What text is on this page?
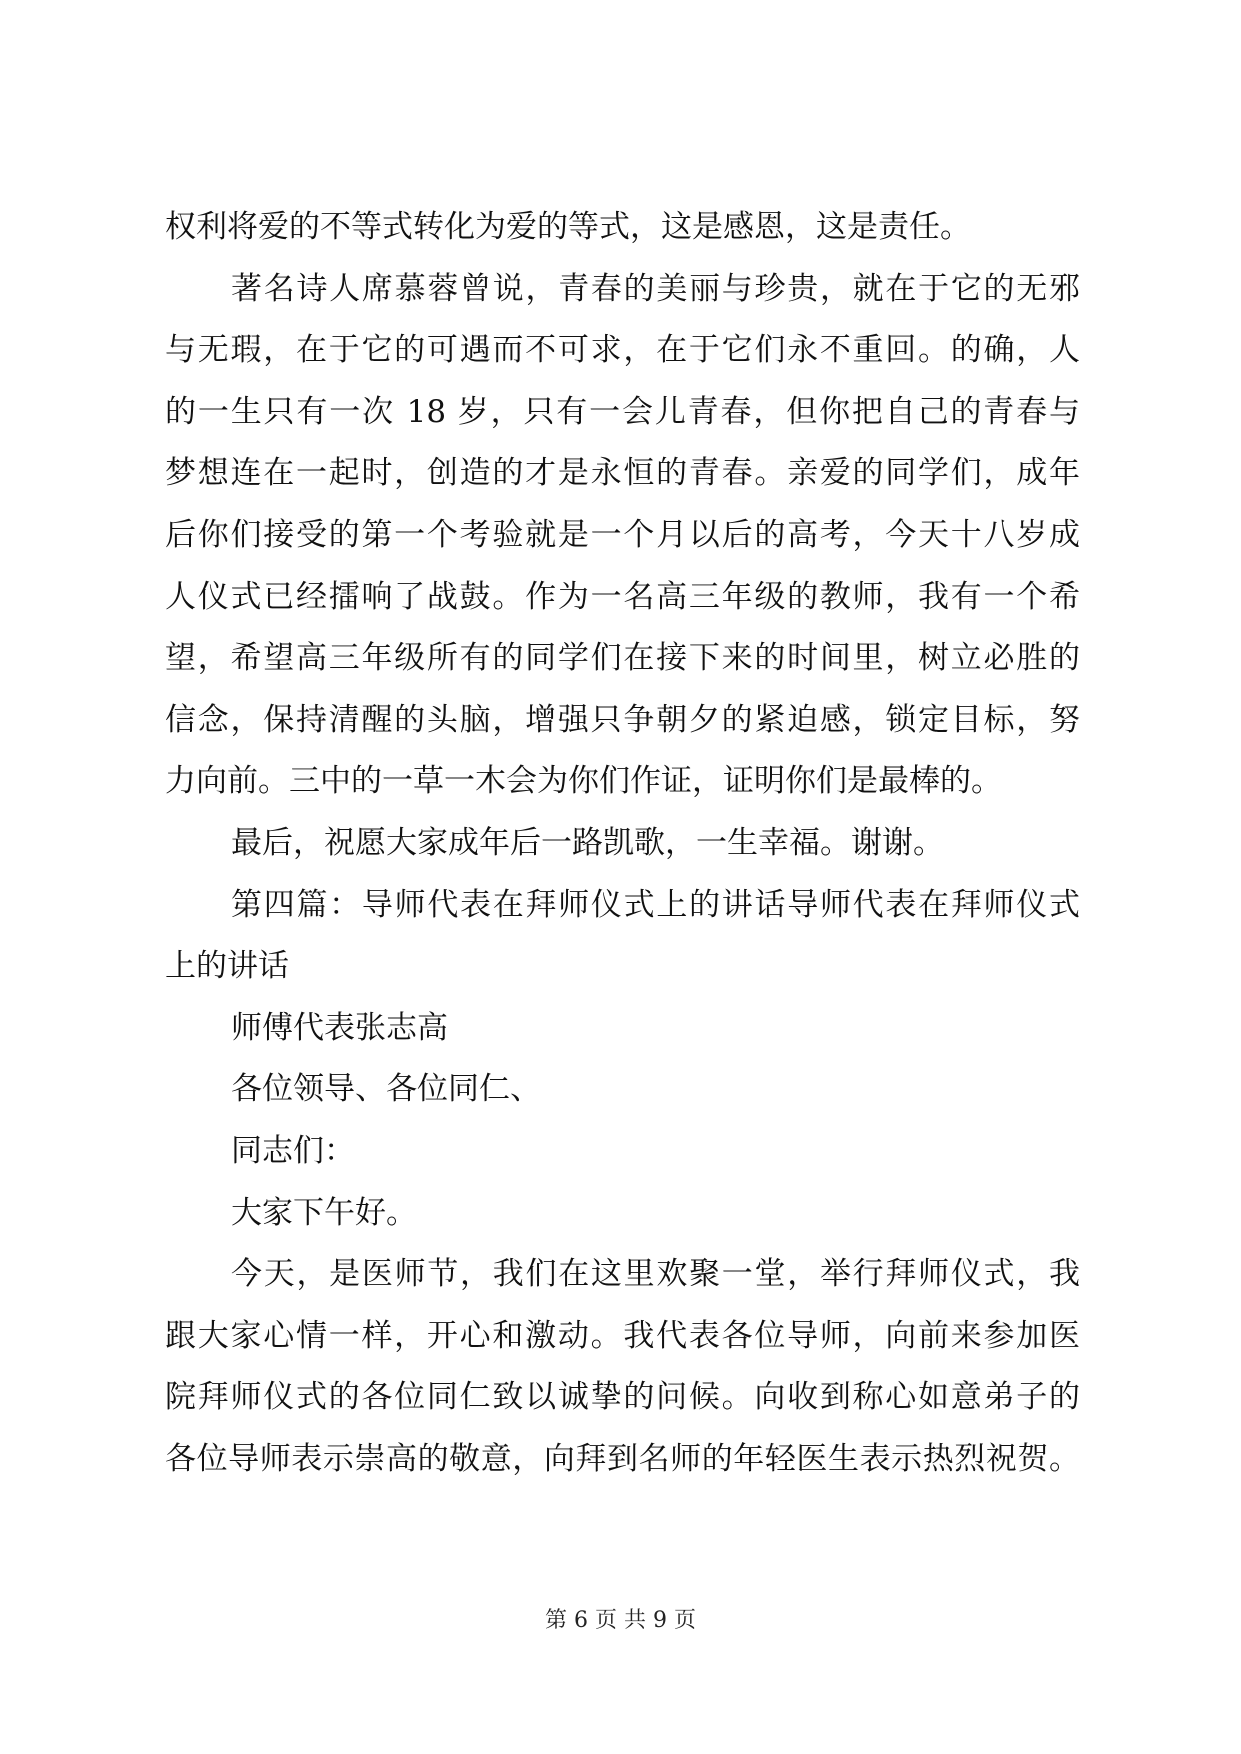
权利将爱的不等式转化为爱的等式，这是感恩，这是责任。
著名诗人席慕蓉曾说，青春的美丽与珍贵，就在于它的无邪
与无瑕，在于它的可遇而不可求，在于它们永不重回。的确，人
的一生只有一次 18 岁，只有一会儿青春，但你把自己的青春与
梦想连在一起时，创造的才是永恒的青春。亲爱的同学们，成年
后你们接受的第一个考验就是一个月以后的高考，今天十八岁成
人仪式已经擂响了战鼓。作为一名高三年级的教师，我有一个希
望，希望高三年级所有的同学们在接下来的时间里，树立必胜的
信念，保持清醒的头脑，增强只争朝夕的紧迫感，锁定目标，努
力向前。三中的一草一木会为你们作证，证明你们是最棒的。
最后，祝愿大家成年后一路凯歌，一生幸福。谢谢。
第四篇：导师代表在拜师仪式上的讲话导师代表在拜师仪式
上的讲话
师傅代表张志高
各位领导、各位同仁、
同志们：
大家下午好。
今天，是医师节，我们在这里欢聚一堂，举行拜师仪式，我
跟大家心情一样，开心和激动。我代表各位导师，向前来参加医
院拜师仪式的各位同仁致以诚挚的问候。向收到称心如意弟子的
各位导师表示崇高的敬意，向拜到名师的年轻医生表示热烈祝贺。
第 6 页 共 9 页
